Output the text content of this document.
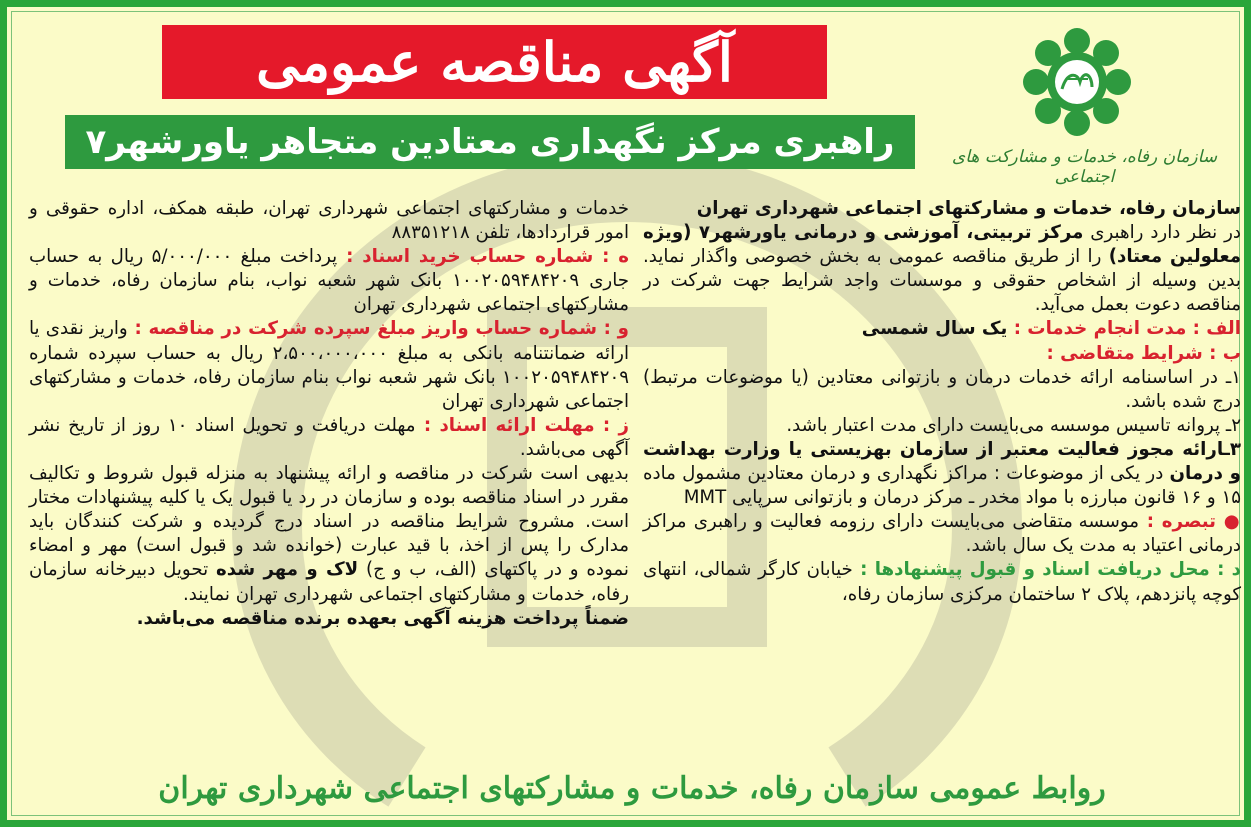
سازمان رفاه، خدمات و مشارکت های اجتماعی
آگهی مناقصه عمومی
راهبری مرکز نگهداری معتادین متجاهر یاورشهر۷

سازمان رفاه، خدمات و مشارکتهای اجتماعی شهرداری تهران

در نظر دارد راهبری مرکز تربیتی، آموزشی و درمانی یاورشهر۷ (ویژه معلولین معتاد) را از طریق مناقصه عمومی به بخش خصوصی واگذار نماید. بدین وسیله از اشخاص حقوقی و موسسات واجد شرایط جهت شرکت در مناقصه دعوت بعمل می‌آید.

الف : مدت انجام خدمات : یک سال شمسی

ب : شرایط متقاضی :

۱ـ در اساسنامه ارائه خدمات درمان و بازتوانی معتادین (یا موضوعات مرتبط) درج شده باشد.

۲ـ پروانه تاسیس موسسه می‌بایست دارای مدت اعتبار باشد.

۳ـارائه مجوز فعالیت معتبر از سازمان بهزیستی یا وزارت بهداشت و درمان در یکی از موضوعات : مراکز نگهداری و درمان معتادین مشمول ماده ۱۵ و ۱۶ قانون مبارزه با مواد مخدر ـ مرکز درمان و بازتوانی سرپایی MMT

● تبصره : موسسه متقاضی می‌بایست دارای رزومه فعالیت و راهبری مراکز درمانی اعتیاد به مدت یک سال باشد.

د : محل دریافت اسناد و قبول پیشنهادها : خیابان کارگر شمالی، انتهای کوچه پانزدهم، پلاک ۲ ساختمان مرکزی سازمان رفاه،

خدمات و مشارکتهای اجتماعی شهرداری تهران، طبقه همکف، اداره حقوقی و امور قراردادها، تلفن ۸۸۳۵۱۲۱۸

ه : شماره حساب خرید اسناد : پرداخت مبلغ ۵/۰۰۰/۰۰۰ ریال به حساب جاری ۱۰۰۲۰۵۹۴۸۴۲۰۹ بانک شهر شعبه نواب، بنام سازمان رفاه، خدمات و مشارکتهای اجتماعی شهرداری تهران

و : شماره حساب واریز مبلغ سپرده شرکت در مناقصه : واریز نقدی یا ارائه ضمانتنامه بانکی به مبلغ ۲،۵۰۰،۰۰۰،۰۰۰ ریال به حساب سپرده شماره ۱۰۰۲۰۵۹۴۸۴۲۰۹ بانک شهر شعبه نواب بنام سازمان رفاه، خدمات و مشارکتهای اجتماعی شهرداری تهران

ز : مهلت ارائه اسناد : مهلت دریافت و تحویل اسناد ۱۰ روز از تاریخ نشر آگهی می‌باشد.

بدیهی است شرکت در مناقصه و ارائه پیشنهاد به منزله قبول شروط و تکالیف مقرر در اسناد مناقصه بوده و سازمان در رد یا قبول یک یا کلیه پیشنهادات مختار است. مشروح شرایط مناقصه در اسناد درج گردیده و شرکت کنندگان باید مدارک را پس از اخذ، با قید عبارت (خوانده شد و قبول است) مهر و امضاء نموده و در پاکتهای (الف، ب و ج) لاک و مهر شده تحویل دبیرخانه سازمان رفاه، خدمات و مشارکتهای اجتماعی شهرداری تهران نمایند.

ضمناً پرداخت هزینه آگهی بعهده برنده مناقصه می‌باشد.

روابط عمومی سازمان رفاه، خدمات و مشارکتهای اجتماعی شهرداری تهران
